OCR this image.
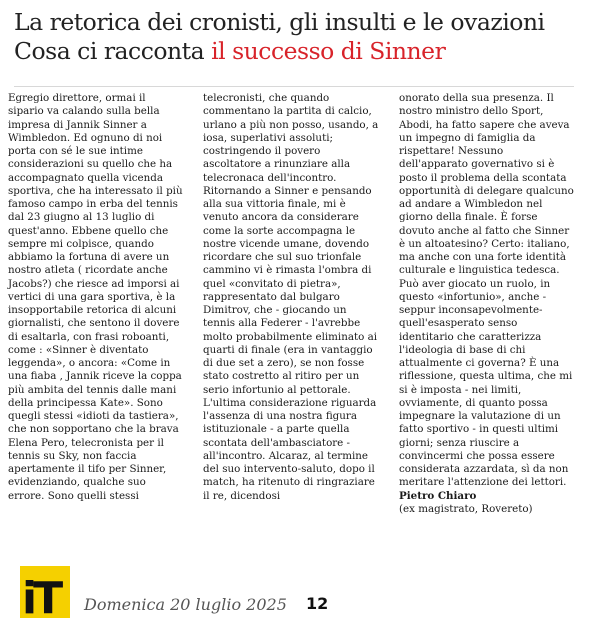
La retorica dei cronisti, gli insulti e le ovazioni
Cosa ci racconta il successo di Sinner

Egregio direttore, ormai il sipario va calando sulla bella impresa di Jannik Sinner a Wimbledon. Ed ognuno di noi porta con sé le sue intime considerazioni su quello che ha accompagnato quella vicenda sportiva, che ha interessato il più famoso campo in erba del tennis dal 23 giugno al 13 luglio di quest'anno. Ebbene quello che sempre mi colpisce, quando abbiamo la fortuna di avere un nostro atleta ( ricordate anche Jacobs?) che riesce ad imporsi ai vertici di una gara sportiva, è la insopportabile retorica di alcuni giornalisti, che sentono il dovere di esaltarla, con frasi roboanti, come : «Sinner è diventato leggenda», o ancora: «Come in una fiaba , Jannik riceve la coppa più ambita del tennis dalle mani della principessa Kate». Sono quegli stessi «idioti da tastiera», che non sopportano che la brava Elena Pero, telecronista per il tennis su Sky, non faccia apertamente il tifo per Sinner, evidenziando, qualche suo errore. Sono quelli stessi

telecronisti, che quando commentano la partita di calcio, urlano a più non posso, usando, a iosa, superlativi assoluti; costringendo il povero ascoltatore a rinunziare alla telecronaca dell'incontro. Ritornando a Sinner e pensando alla sua vittoria finale, mi è venuto ancora da considerare come la sorte accompagna le nostre vicende umane, dovendo ricordare che sul suo trionfale cammino vi è rimasta l'ombra di quel «convitato di pietra», rappresentato dal bulgaro Dimitrov, che - giocando un tennis alla Federer - l'avrebbe molto probabilmente eliminato ai quarti di finale (era in vantaggio di due set a zero), se non fosse stato costretto al ritiro per un serio infortunio al pettorale. L'ultima considerazione riguarda l'assenza di una nostra figura istituzionale - a parte quella scontata dell'ambasciatore - all'incontro. Alcaraz, al termine del suo intervento-saluto, dopo il match, ha ritenuto di ringraziare il re, dicendosi

onorato della sua presenza. Il nostro ministro dello Sport, Abodi, ha fatto sapere che aveva un impegno di famiglia da rispettare! Nessuno dell'apparato governativo si è posto il problema della scontata opportunità di delegare qualcuno ad andare a Wimbledon nel giorno della finale. È forse dovuto anche al fatto che Sinner è un altoatesino? Certo: italiano, ma anche con una forte identità culturale e linguistica tedesca. Può aver giocato un ruolo, in questo «infortunio», anche - seppur inconsapevolmente- quell'esasperato senso identitario che caratterizza l'ideologia di base di chi attualmente ci governa? È una riflessione, questa ultima, che mi si è imposta - nei limiti, ovviamente, di quanto possa impegnare la valutazione di un fatto sportivo - in questi ultimi giorni; senza riuscire a convincermi che possa essere considerata azzardata, sì da non meritare l'attenzione dei lettori.

Pietro Chiaro

(ex magistrato, Rovereto)

iT	Domenica 20 luglio 2025 12
